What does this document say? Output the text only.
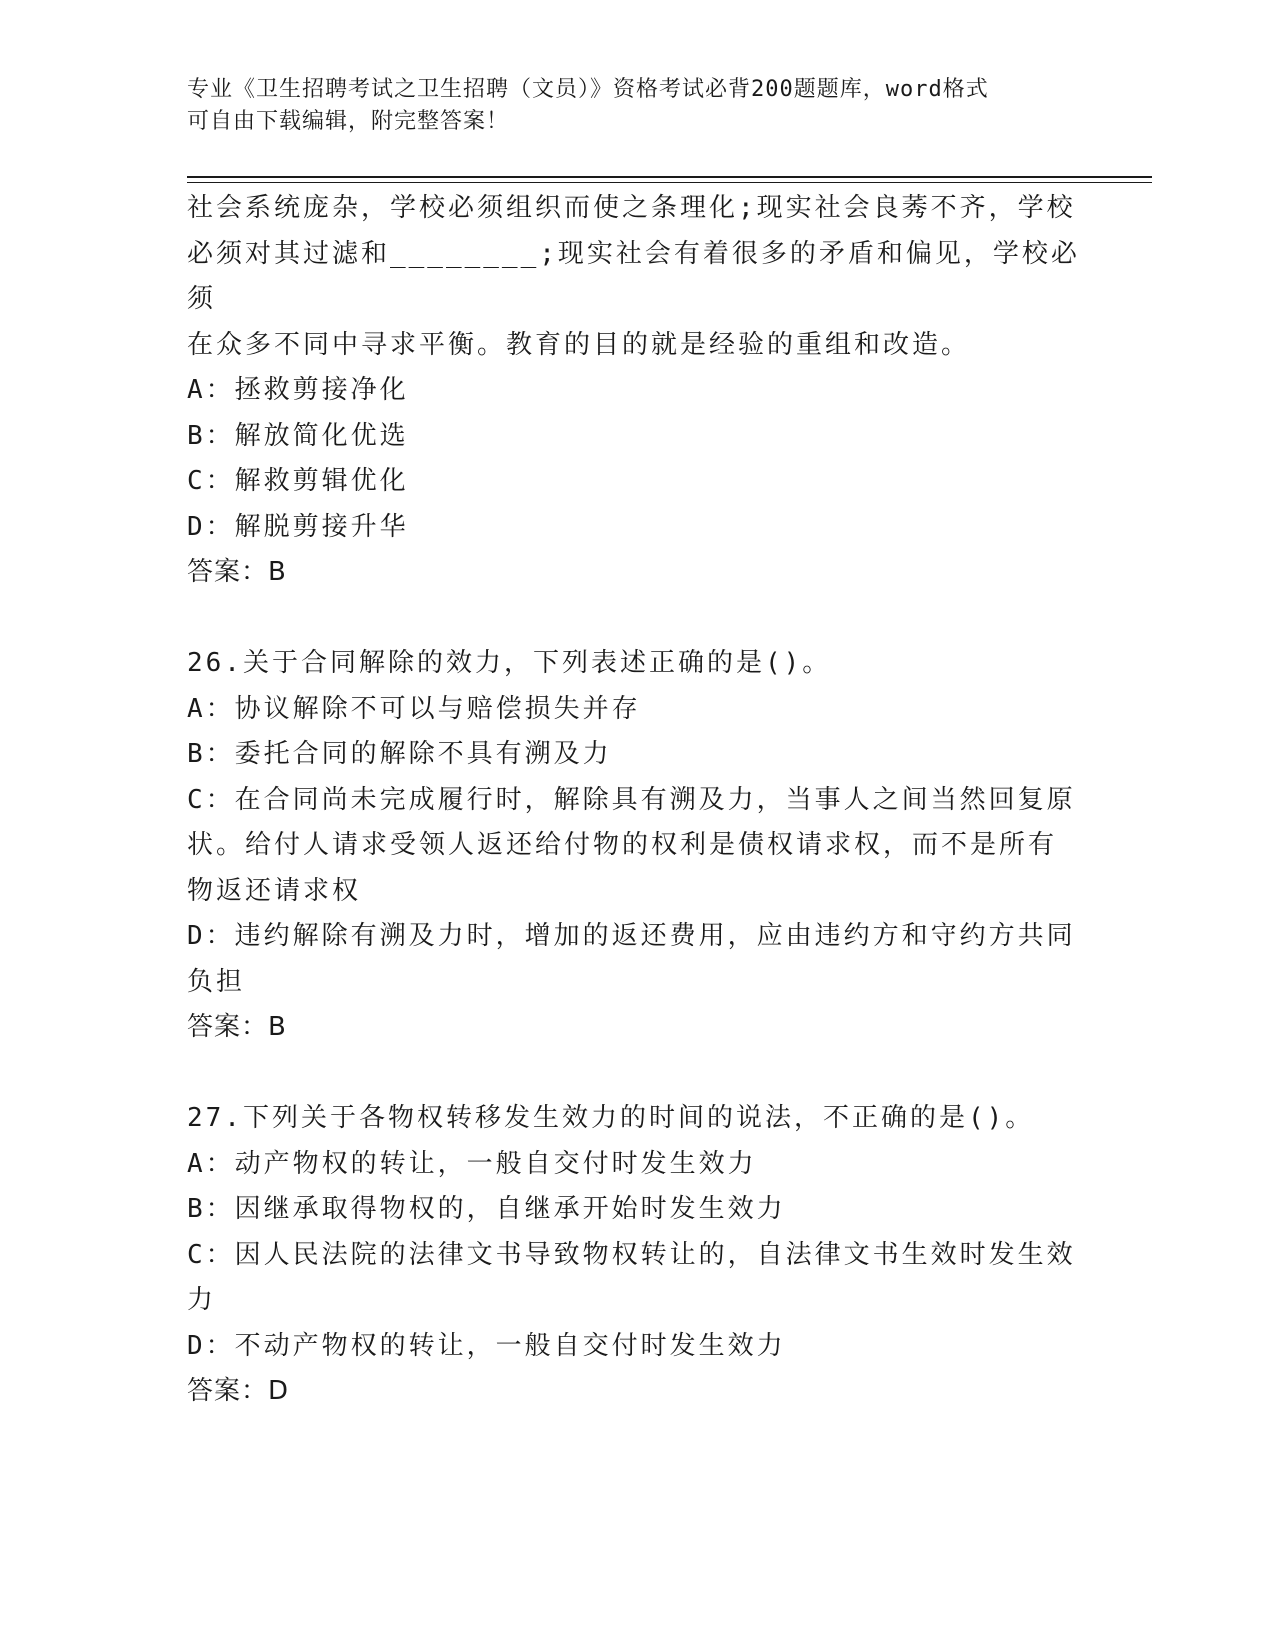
专业《卫生招聘考试之卫生招聘（文员）》资格考试必背200题题库，word格式

可自由下载编辑，附完整答案！

社会系统庞杂，学校必须组织而使之条理化;现实社会良莠不齐，学校

必须对其过滤和________;现实社会有着很多的矛盾和偏见，学校必须

在众多不同中寻求平衡。教育的目的就是经验的重组和改造。

A：拯救剪接净化

B：解放简化优选

C：解救剪辑优化

D：解脱剪接升华

答案：B

26.关于合同解除的效力，下列表述正确的是()。

A：协议解除不可以与赔偿损失并存

B：委托合同的解除不具有溯及力

C：在合同尚未完成履行时，解除具有溯及力，当事人之间当然回复原

状。给付人请求受领人返还给付物的权利是债权请求权，而不是所有

物返还请求权

D：违约解除有溯及力时，增加的返还费用，应由违约方和守约方共同

负担

答案：B

27.下列关于各物权转移发生效力的时间的说法，不正确的是()。

A：动产物权的转让，一般自交付时发生效力

B：因继承取得物权的，自继承开始时发生效力

C：因人民法院的法律文书导致物权转让的，自法律文书生效时发生效

力

D：不动产物权的转让，一般自交付时发生效力

答案：D
